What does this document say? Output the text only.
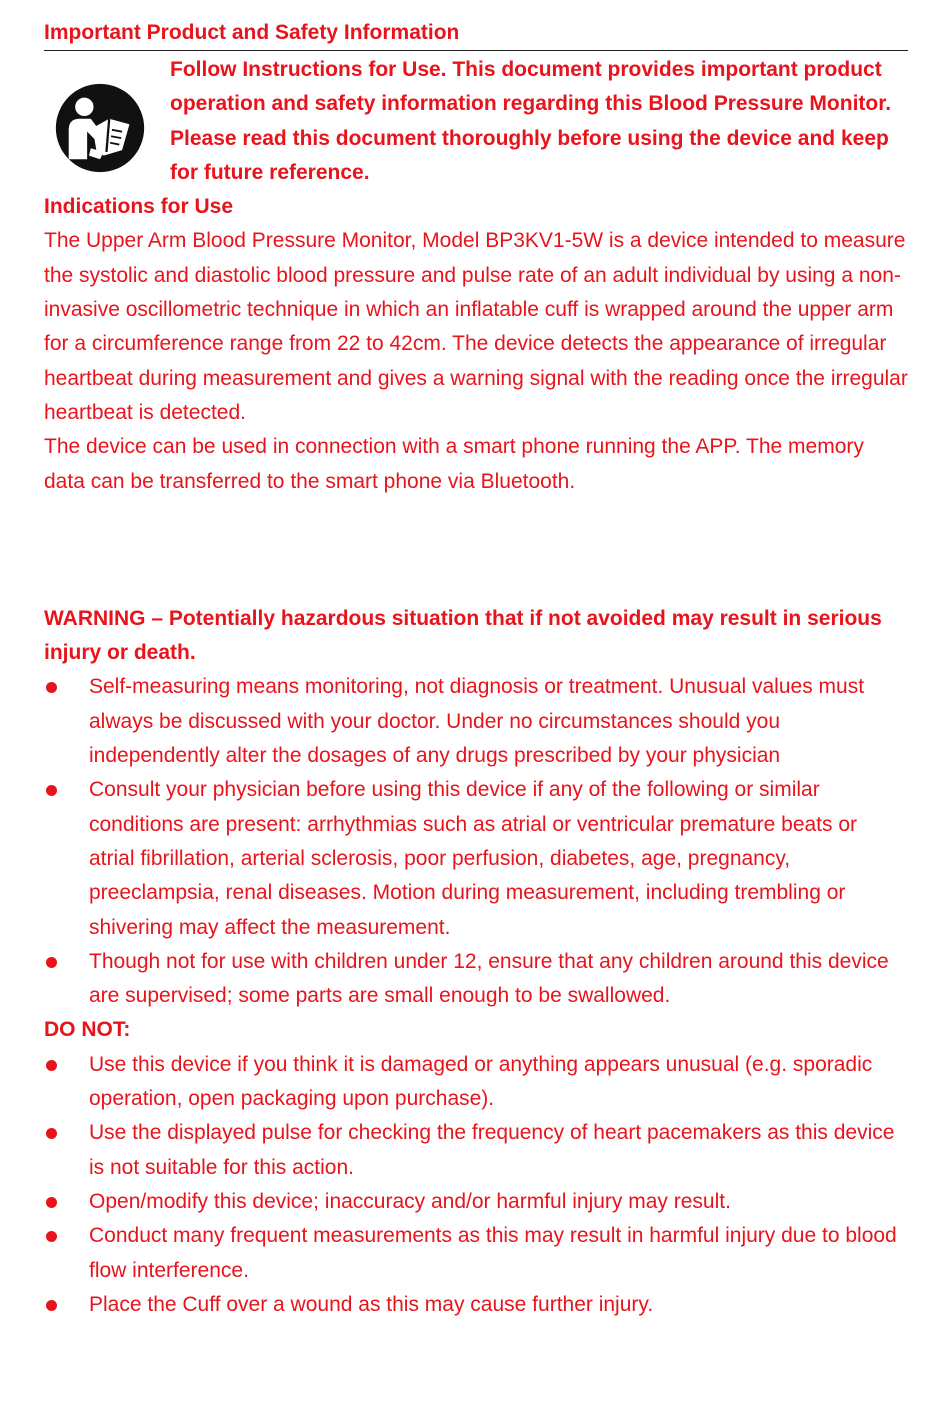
Important Product and Safety Information
Follow Instructions for Use. This document provides important product operation and safety information regarding this Blood Pressure Monitor. Please read this document thoroughly before using the device and keep for future reference.
Indications for Use

The Upper Arm Blood Pressure Monitor, Model BP3KV1-5W is a device intended to measure the systolic and diastolic blood pressure and pulse rate of an adult individual by using a non-invasive oscillometric technique in which an inflatable cuff is wrapped around the upper arm for a circumference range from 22 to 42cm. The device detects the appearance of irregular heartbeat during measurement and gives a warning signal with the reading once the irregular heartbeat is detected.

The device can be used in connection with a smart phone running the APP. The memory data can be transferred to the smart phone via Bluetooth.

WARNING – Potentially hazardous situation that if not avoided may result in serious injury or death.
Self-measuring means monitoring, not diagnosis or treatment. Unusual values must always be discussed with your doctor. Under no circumstances should you independently alter the dosages of any drugs prescribed by your physician
Consult your physician before using this device if any of the following or similar conditions are present: arrhythmias such as atrial or ventricular premature beats or atrial fibrillation, arterial sclerosis, poor perfusion, diabetes, age, pregnancy, preeclampsia, renal diseases. Motion during measurement, including trembling or shivering may affect the measurement.
Though not for use with children under 12, ensure that any children around this device are supervised; some parts are small enough to be swallowed.
DO NOT:
Use this device if you think it is damaged or anything appears unusual (e.g. sporadic operation, open packaging upon purchase).
Use the displayed pulse for checking the frequency of heart pacemakers as this device is not suitable for this action.
Open/modify this device; inaccuracy and/or harmful injury may result.
Conduct many frequent measurements as this may result in harmful injury due to blood flow interference.
Place the Cuff over a wound as this may cause further injury.
